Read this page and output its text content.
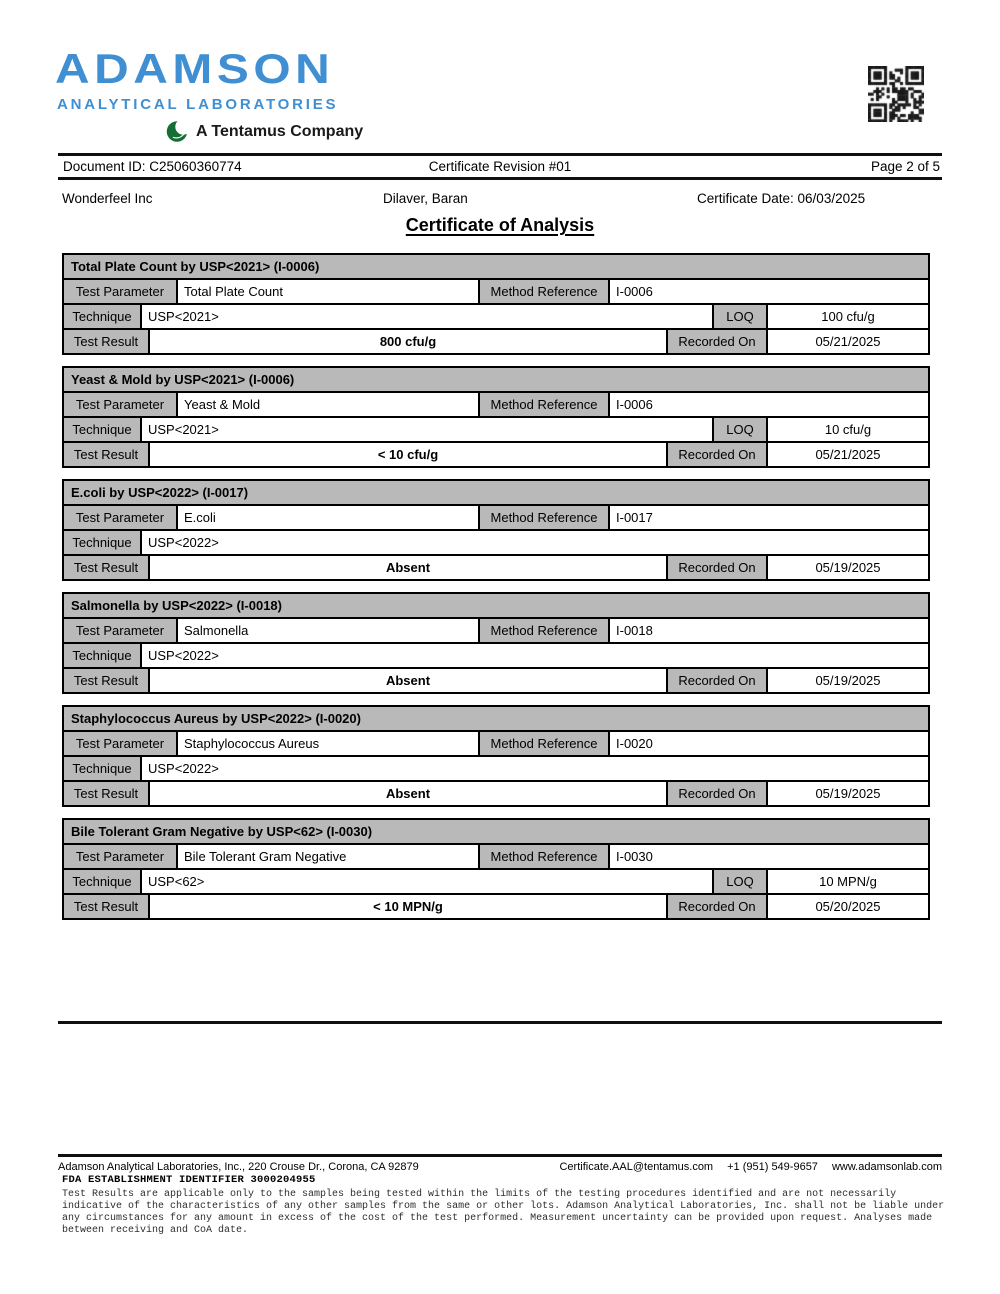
ADAMSON
ANALYTICAL LABORATORIES
A Tentamus Company
Document ID: C25060360774	Certificate Revision #01	Page 2 of 5
Wonderfeel Inc	Dilaver, Baran	Certificate Date: 06/03/2025
Certificate of Analysis
Total Plate Count by USP<2021> (I-0006)
Test Parameter	Total Plate Count	Method Reference	I-0006
Technique	USP<2021>	LOQ	100 cfu/g
Test Result	800 cfu/g	Recorded On	05/21/2025
Yeast & Mold by USP<2021> (I-0006)
Test Parameter	Yeast & Mold	Method Reference	I-0006
Technique	USP<2021>	LOQ	10 cfu/g
Test Result	< 10 cfu/g	Recorded On	05/21/2025
E.coli by USP<2022> (I-0017)
Test Parameter	E.coli	Method Reference	I-0017
Technique	USP<2022>
Test Result	Absent	Recorded On	05/19/2025
Salmonella by USP<2022> (I-0018)
Test Parameter	Salmonella	Method Reference	I-0018
Technique	USP<2022>
Test Result	Absent	Recorded On	05/19/2025
Staphylococcus Aureus by USP<2022> (I-0020)
Test Parameter	Staphylococcus Aureus	Method Reference	I-0020
Technique	USP<2022>
Test Result	Absent	Recorded On	05/19/2025
Bile Tolerant Gram Negative by USP<62> (I-0030)
Test Parameter	Bile Tolerant Gram Negative	Method Reference	I-0030
Technique	USP<62>	LOQ	10 MPN/g
Test Result	< 10 MPN/g	Recorded On	05/20/2025
Adamson Analytical Laboratories, Inc., 220 Crouse Dr., Corona, CA 92879	Certificate.AAL@tentamus.com +1 (951) 549-9657 www.adamsonlab.com
FDA ESTABLISHMENT IDENTIFIER 3000204955
Test Results are applicable only to the samples being tested within the limits of the testing procedures identified and are not necessarily indicative of the characteristics of any other samples from the same or other lots. Adamson Analytical Laboratories, Inc. shall not be liable under any circumstances for any amount in excess of the cost of the test performed. Measurement uncertainty can be provided upon request. Analyses made between receiving and CoA date.
